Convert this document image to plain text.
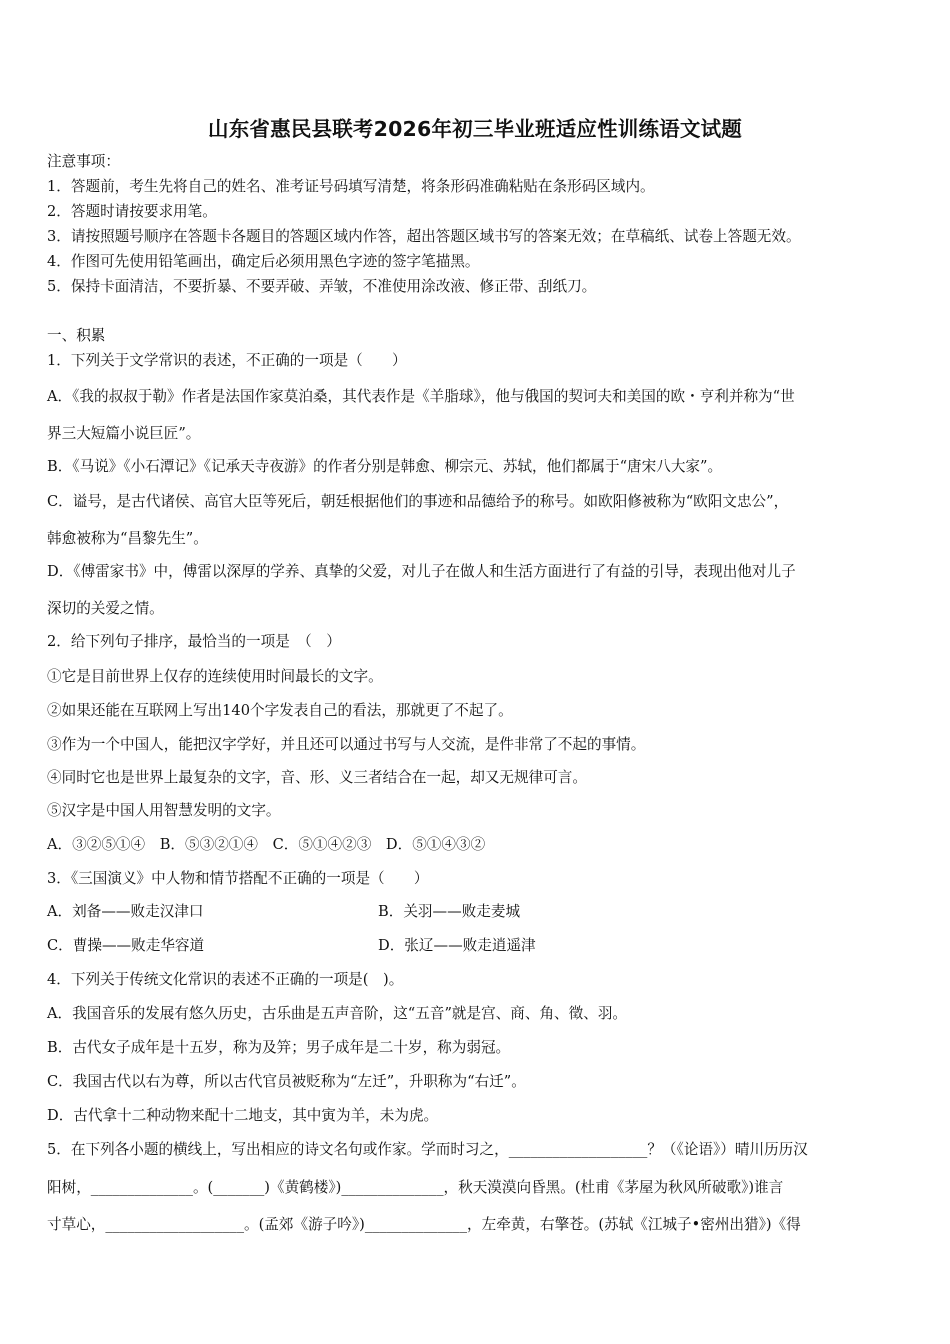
山东省惠民县联考2026年初三毕业班适应性训练语文试题
注意事项：
1．答题前，考生先将自己的姓名、准考证号码填写清楚，将条形码准确粘贴在条形码区域内。
2．答题时请按要求用笔。
3．请按照题号顺序在答题卡各题目的答题区域内作答，超出答题区域书写的答案无效；在草稿纸、试卷上答题无效。
4．作图可先使用铅笔画出，确定后必须用黑色字迹的签字笔描黑。
5．保持卡面清洁，不要折暴、不要弄破、弄皱，不准使用涂改液、修正带、刮纸刀。
一、积累
1．下列关于文学常识的表述，不正确的一项是（　　）
A．《我的叔叔于勒》作者是法国作家莫泊桑，其代表作是《羊脂球》，他与俄国的契诃夫和美国的欧・亨利并称为“世
界三大短篇小说巨匠”。
B．《马说》《小石潭记》《记承天寺夜游》的作者分别是韩愈、柳宗元、苏轼，他们都属于“唐宋八大家”。
C．谥号，是古代诸侯、高官大臣等死后，朝廷根据他们的事迹和品德给予的称号。如欧阳修被称为“欧阳文忠公”，
韩愈被称为“昌黎先生”。
D．《傅雷家书》中，傅雷以深厚的学养、真挚的父爱，对儿子在做人和生活方面进行了有益的引导，表现出他对儿子
深切的关爱之情。
2．给下列句子排序，最恰当的一项是　（　）
①它是目前世界上仅存的连续使用时间最长的文字。
②如果还能在互联网上写出140个字发表自己的看法，那就更了不起了。
③作为一个中国人，能把汉字学好，并且还可以通过书写与人交流，是件非常了不起的事情。
④同时它也是世界上最复杂的文字，音、形、义三者结合在一起，却又无规律可言。
⑤汉字是中国人用智慧发明的文字。
A．③②⑤①④　B．⑤③②①④　C．⑤①④②③　D．⑤①④③②
3．《三国演义》中人物和情节搭配不正确的一项是（　　）
A．刘备——败走汉津口	B．关羽——败走麦城
C．曹操——败走华容道	D．张辽——败走逍遥津
4．下列关于传统文化常识的表述不正确的一项是(　)。
A．我国音乐的发展有悠久历史，古乐曲是五声音阶，这“五音”就是宫、商、角、徵、羽。
B．古代女子成年是十五岁，称为及笄；男子成年是二十岁，称为弱冠。
C．我国古代以右为尊，所以古代官员被贬称为“左迁”，升职称为“右迁”。
D．古代拿十二种动物来配十二地支，其中寅为羊，未为虎。
5．在下列各小题的横线上，写出相应的诗文名句或作家。学而时习之，___________________？（《论语》）晴川历历汉
阳树，______________。(_______)《黄鹤楼》)______________，秋天漠漠向昏黑。(杜甫《茅屋为秋风所破歌》)谁言
寸草心，___________________。(孟郊《游子吟》)______________，左牵黄，右擎苍。(苏轼《江城子•密州出猎》)《得
